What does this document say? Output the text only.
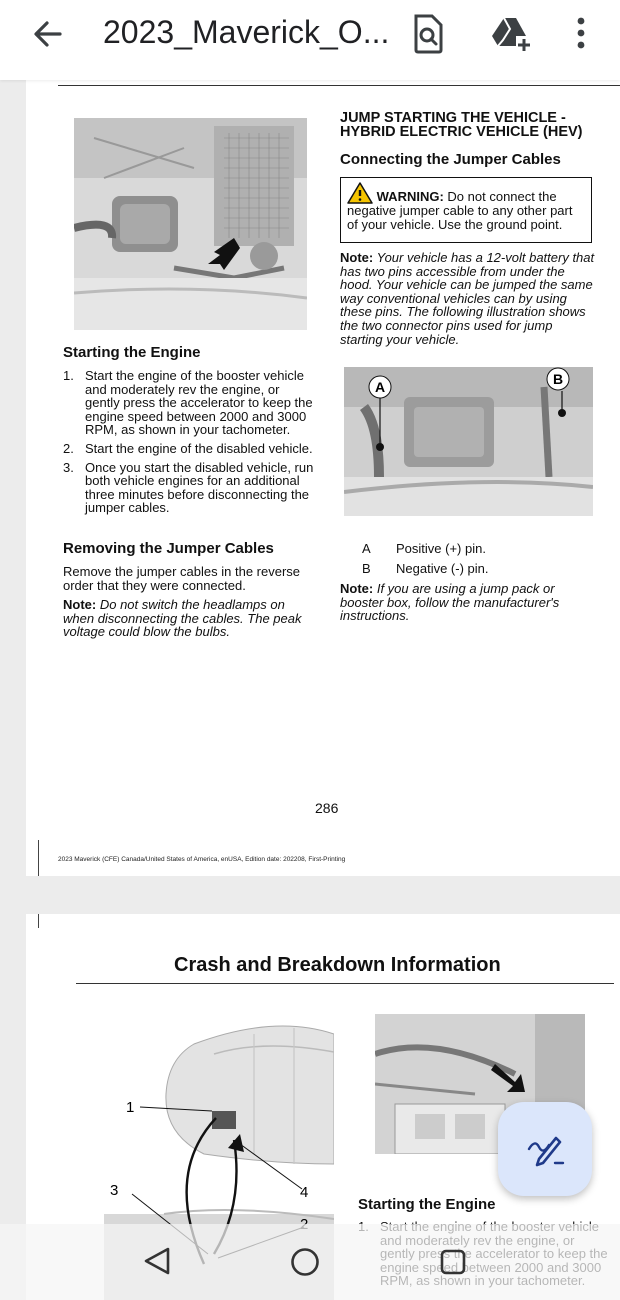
2023_Maverick_O...
Starting the Engine
1. Start the engine of the booster vehicle and moderately rev the engine, or gently press the accelerator to keep the engine speed between 2000 and 3000 RPM, as shown in your tachometer.
2. Start the engine of the disabled vehicle.
3. Once you start the disabled vehicle, run both vehicle engines for an additional three minutes before disconnecting the jumper cables.
Removing the Jumper Cables
Remove the jumper cables in the reverse order that they were connected.
Note: Do not switch the headlamps on when disconnecting the cables. The peak voltage could blow the bulbs.
JUMP STARTING THE VEHICLE - HYBRID ELECTRIC VEHICLE (HEV)
Connecting the Jumper Cables
WARNING: Do not connect the negative jumper cable to any other part of your vehicle. Use the ground point.
Note: Your vehicle has a 12-volt battery that has two pins accessible from under the hood. Your vehicle can be jumped the same way conventional vehicles can by using these pins. The following illustration shows the two connector pins used for jump starting your vehicle.
A	B
A	Positive (+) pin.
B	Negative (-) pin.
Note: If you are using a jump pack or booster box, follow the manufacturer's instructions.
286
2023 Maverick (CFE) Canada/United States of America, enUSA, Edition date: 202208, First-Printing
Crash and Breakdown Information
1
3	4
Starting the Engine
